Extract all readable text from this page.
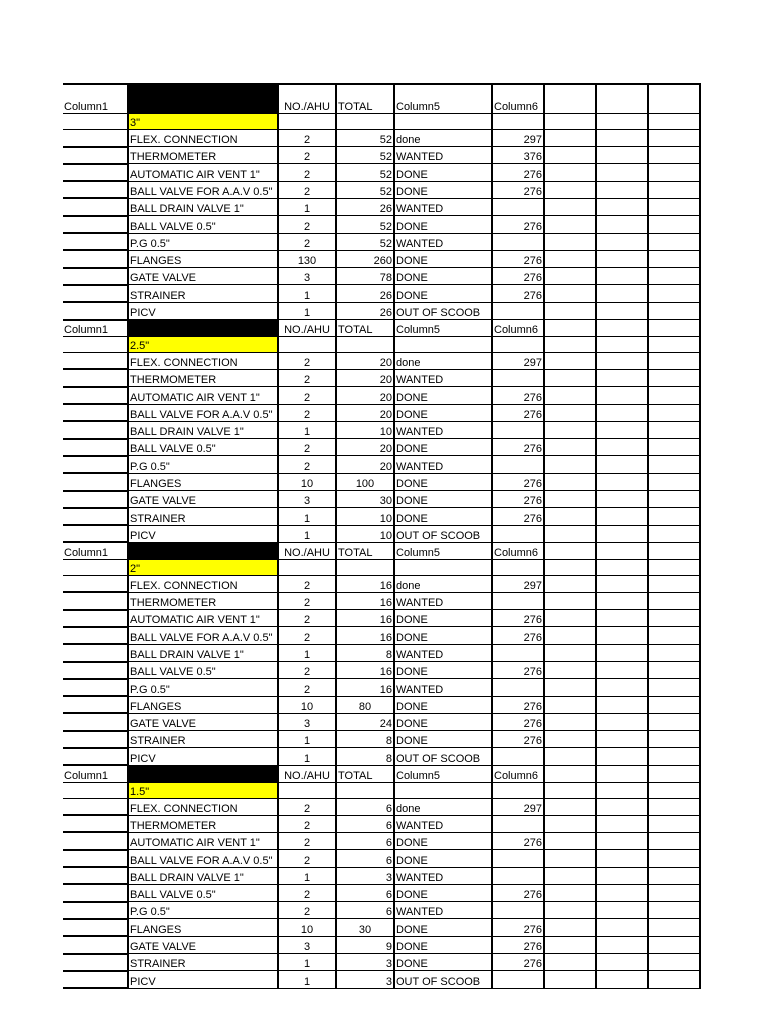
Column1		NO./AHU	TOTAL	Column5	Column6			
	3"							
	FLEX. CONNECTION	2	52	done	297			
	THERMOMETER	2	52	WANTED	376			
	AUTOMATIC AIR VENT 1"	2	52	DONE	276			
	BALL VALVE FOR A.A.V 0.5"	2	52	DONE	276			
	BALL DRAIN VALVE 1"	1	26	WANTED				
	BALL VALVE 0.5"	2	52	DONE	276			
	P.G 0.5"	2	52	WANTED				
	FLANGES	130	260	DONE	276			
	GATE VALVE	3	78	DONE	276			
	STRAINER	1	26	DONE	276			
	PICV	1	26	OUT OF SCOOB				
Column1		NO./AHU	TOTAL	Column5	Column6			
	2.5"							
	FLEX. CONNECTION	2	20	done	297			
	THERMOMETER	2	20	WANTED				
	AUTOMATIC AIR VENT 1"	2	20	DONE	276			
	BALL VALVE FOR A.A.V 0.5"	2	20	DONE	276			
	BALL DRAIN VALVE 1"	1	10	WANTED				
	BALL VALVE 0.5"	2	20	DONE	276			
	P.G 0.5"	2	20	WANTED				
	FLANGES	10	100	DONE	276			
	GATE VALVE	3	30	DONE	276			
	STRAINER	1	10	DONE	276			
	PICV	1	10	OUT OF SCOOB				
Column1		NO./AHU	TOTAL	Column5	Column6			
	2"							
	FLEX. CONNECTION	2	16	done	297			
	THERMOMETER	2	16	WANTED				
	AUTOMATIC AIR VENT 1"	2	16	DONE	276			
	BALL VALVE FOR A.A.V 0.5"	2	16	DONE	276			
	BALL DRAIN VALVE 1"	1	8	WANTED				
	BALL VALVE 0.5"	2	16	DONE	276			
	P.G 0.5"	2	16	WANTED				
	FLANGES	10	80	DONE	276			
	GATE VALVE	3	24	DONE	276			
	STRAINER	1	8	DONE	276			
	PICV	1	8	OUT OF SCOOB				
Column1		NO./AHU	TOTAL	Column5	Column6			
	1.5"							
	FLEX. CONNECTION	2	6	done	297			
	THERMOMETER	2	6	WANTED				
	AUTOMATIC AIR VENT 1"	2	6	DONE	276			
	BALL VALVE FOR A.A.V 0.5"	2	6	DONE				
	BALL DRAIN VALVE 1"	1	3	WANTED				
	BALL VALVE 0.5"	2	6	DONE	276			
	P.G 0.5"	2	6	WANTED				
	FLANGES	10	30	DONE	276			
	GATE VALVE	3	9	DONE	276			
	STRAINER	1	3	DONE	276			
	PICV	1	3	OUT OF SCOOB				
